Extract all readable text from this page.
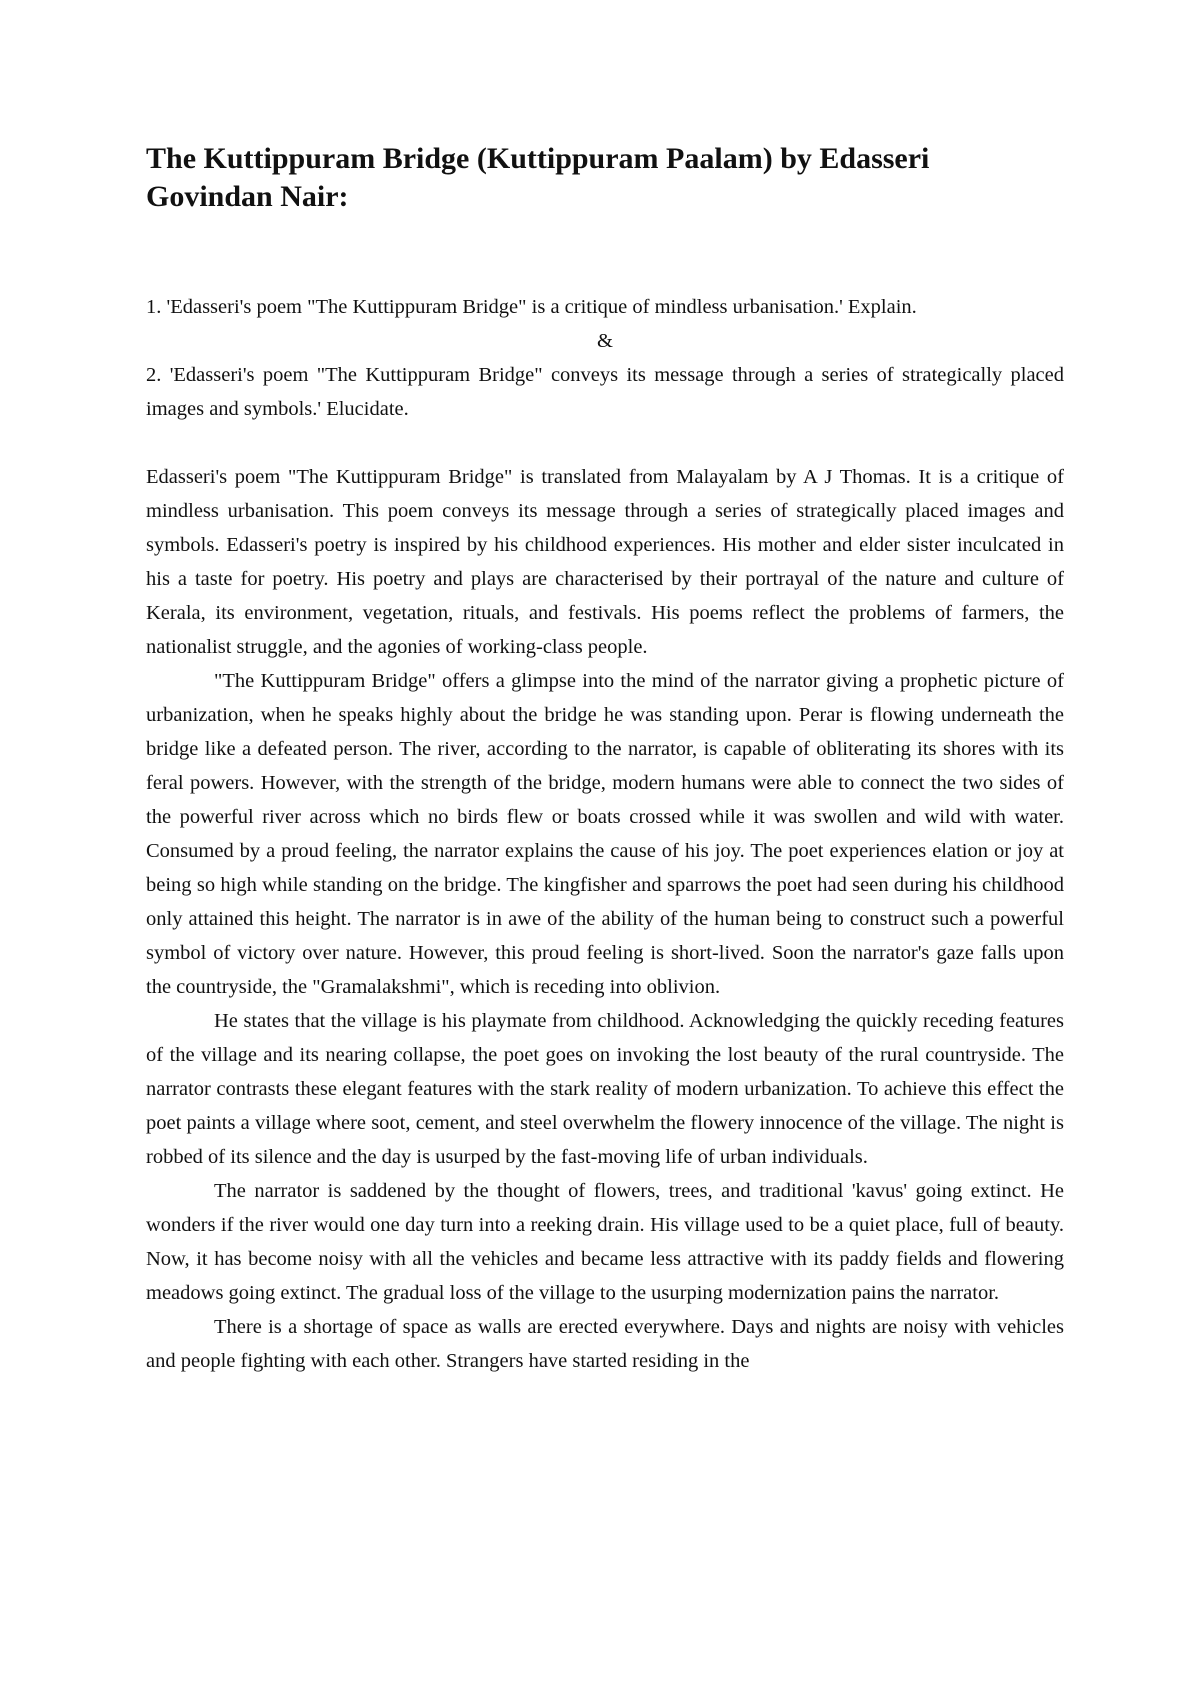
The Kuttippuram Bridge (Kuttippuram Paalam) by Edasseri Govindan Nair:

1. 'Edasseri's poem "The Kuttippuram Bridge" is a critique of mindless urbanisation.' Explain.

&

2. 'Edasseri's poem "The Kuttippuram Bridge" conveys its message through a series of strategically placed images and symbols.' Elucidate.

Edasseri's poem "The Kuttippuram Bridge" is translated from Malayalam by A J Thomas. It is a critique of mindless urbanisation. This poem conveys its message through a series of strategically placed images and symbols. Edasseri's poetry is inspired by his childhood experiences. His mother and elder sister inculcated in his a taste for poetry. His poetry and plays are characterised by their portrayal of the nature and culture of Kerala, its environment, vegetation, rituals, and festivals. His poems reflect the problems of farmers, the nationalist struggle, and the agonies of working-class people.

"The Kuttippuram Bridge" offers a glimpse into the mind of the narrator giving a prophetic picture of urbanization, when he speaks highly about the bridge he was standing upon. Perar is flowing underneath the bridge like a defeated person. The river, according to the narrator, is capable of obliterating its shores with its feral powers. However, with the strength of the bridge, modern humans were able to connect the two sides of the powerful river across which no birds flew or boats crossed while it was swollen and wild with water. Consumed by a proud feeling, the narrator explains the cause of his joy. The poet experiences elation or joy at being so high while standing on the bridge. The kingfisher and sparrows the poet had seen during his childhood only attained this height. The narrator is in awe of the ability of the human being to construct such a powerful symbol of victory over nature. However, this proud feeling is short-lived. Soon the narrator's gaze falls upon the countryside, the "Gramalakshmi", which is receding into oblivion.

He states that the village is his playmate from childhood. Acknowledging the quickly receding features of the village and its nearing collapse, the poet goes on invoking the lost beauty of the rural countryside. The narrator contrasts these elegant features with the stark reality of modern urbanization. To achieve this effect the poet paints a village where soot, cement, and steel overwhelm the flowery innocence of the village. The night is robbed of its silence and the day is usurped by the fast-moving life of urban individuals.

The narrator is saddened by the thought of flowers, trees, and traditional 'kavus' going extinct. He wonders if the river would one day turn into a reeking drain. His village used to be a quiet place, full of beauty. Now, it has become noisy with all the vehicles and became less attractive with its paddy fields and flowering meadows going extinct. The gradual loss of the village to the usurping modernization pains the narrator.

There is a shortage of space as walls are erected everywhere. Days and nights are noisy with vehicles and people fighting with each other. Strangers have started residing in the
